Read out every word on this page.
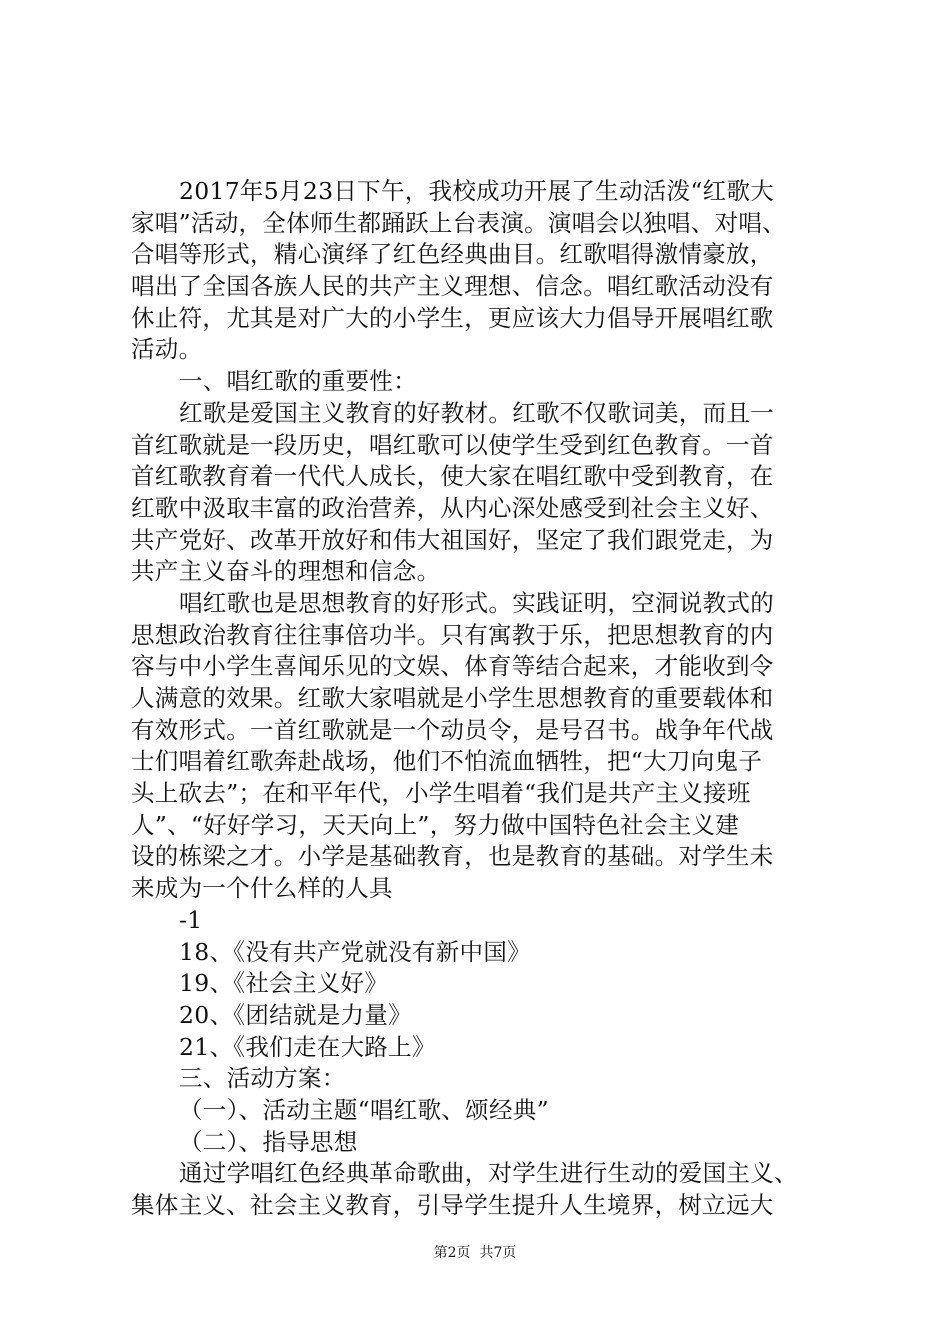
2017年5月23日下午，我校成功开展了生动活泼“红歌大
家唱”活动，全体师生都踊跃上台表演。演唱会以独唱、对唱、
合唱等形式，精心演绎了红色经典曲目。红歌唱得激情豪放，
唱出了全国各族人民的共产主义理想、信念。唱红歌活动没有
休止符，尤其是对广大的小学生，更应该大力倡导开展唱红歌
活动。
一、唱红歌的重要性：
红歌是爱国主义教育的好教材。红歌不仅歌词美，而且一
首红歌就是一段历史，唱红歌可以使学生受到红色教育。一首
首红歌教育着一代代人成长，使大家在唱红歌中受到教育，在
红歌中汲取丰富的政治营养，从内心深处感受到社会主义好、
共产党好、改革开放好和伟大祖国好，坚定了我们跟党走，为
共产主义奋斗的理想和信念。
唱红歌也是思想教育的好形式。实践证明，空洞说教式的
思想政治教育往往事倍功半。只有寓教于乐，把思想教育的内
容与中小学生喜闻乐见的文娱、体育等结合起来，才能收到令
人满意的效果。红歌大家唱就是小学生思想教育的重要载体和
有效形式。一首红歌就是一个动员令，是号召书。战争年代战
士们唱着红歌奔赴战场，他们不怕流血牺牲，把“大刀向鬼子
头上砍去”；在和平年代，小学生唱着“我们是共产主义接班
人”、“好好学习，天天向上”，努力做中国特色社会主义建
设的栋梁之才。小学是基础教育，也是教育的基础。对学生未
来成为一个什么样的人具
-1
18、《没有共产党就没有新中国》
19、《社会主义好》
20、《团结就是力量》
21、《我们走在大路上》
三、活动方案：
（一）、活动主题“唱红歌、颂经典”
（二）、指导思想
通过学唱红色经典革命歌曲，对学生进行生动的爱国主义、
集体主义、社会主义教育，引导学生提升人生境界，树立远大
第2页  共7页
